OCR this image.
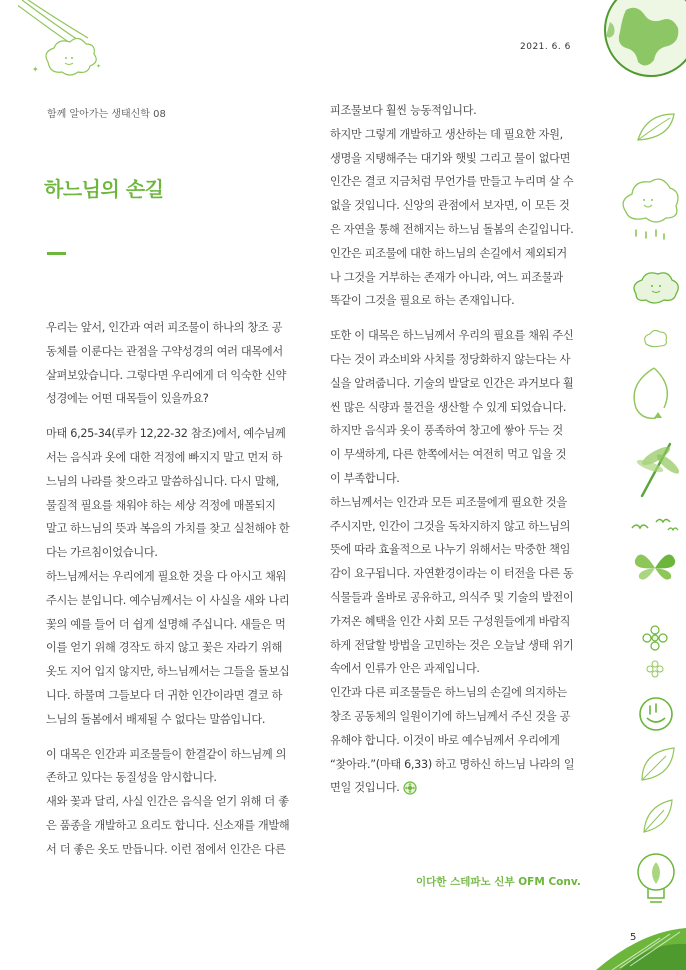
✦	✦
2021. 6. 6
함께 알아가는 생태신학 08
하느님의 손길
우리는 앞서, 인간과 여러 피조물이 하나의 창조 공
동체를 이룬다는 관점을 구약성경의 여러 대목에서
살펴보았습니다. 그렇다면 우리에게 더 익숙한 신약
성경에는 어떤 대목들이 있을까요?
마태 6,25-34(루카 12,22-32 참조)에서, 예수님께
서는 음식과 옷에 대한 걱정에 빠지지 말고 먼저 하
느님의 나라를 찾으라고 말씀하십니다. 다시 말해,
물질적 필요를 채워야 하는 세상 걱정에 매몰되지
말고 하느님의 뜻과 복음의 가치를 찾고 실천해야 한
다는 가르침이었습니다.
하느님께서는 우리에게 필요한 것을 다 아시고 채워
주시는 분입니다. 예수님께서는 이 사실을 새와 나리
꽃의 예를 들어 더 쉽게 설명해 주십니다. 새들은 먹
이를 얻기 위해 경작도 하지 않고 꽃은 자라기 위해
옷도 지어 입지 않지만, 하느님께서는 그들을 돌보십
니다. 하물며 그들보다 더 귀한 인간이라면 결코 하
느님의 돌봄에서 배제될 수 없다는 말씀입니다.
이 대목은 인간과 피조물들이 한결같이 하느님께 의
존하고 있다는 동질성을 암시합니다.
새와 꽃과 달리, 사실 인간은 음식을 얻기 위해 더 좋
은 품종을 개발하고 요리도 합니다. 신소재를 개발해
서 더 좋은 옷도 만듭니다. 이런 점에서 인간은 다른
피조물보다 훨씬 능동적입니다.
하지만 그렇게 개발하고 생산하는 데 필요한 자원,
생명을 지탱해주는 대기와 햇빛 그리고 물이 없다면
인간은 결코 지금처럼 무언가를 만들고 누리며 살 수
없을 것입니다. 신앙의 관점에서 보자면, 이 모든 것
은 자연을 통해 전해지는 하느님 돌봄의 손길입니다.
인간은 피조물에 대한 하느님의 손길에서 제외되거
나 그것을 거부하는 존재가 아니라, 여느 피조물과
똑같이 그것을 필요로 하는 존재입니다.
또한 이 대목은 하느님께서 우리의 필요를 채워 주신
다는 것이 과소비와 사치를 정당화하지 않는다는 사
실을 알려줍니다. 기술의 발달로 인간은 과거보다 훨
씬 많은 식량과 물건을 생산할 수 있게 되었습니다.
하지만 음식과 옷이 풍족하여 창고에 쌓아 두는 것
이 무색하게, 다른 한쪽에서는 여전히 먹고 입을 것
이 부족합니다.
하느님께서는 인간과 모든 피조물에게 필요한 것을
주시지만, 인간이 그것을 독차지하지 않고 하느님의
뜻에 따라 효율적으로 나누기 위해서는 막중한 책임
감이 요구됩니다. 자연환경이라는 이 터전을 다른 동
식물들과 올바로 공유하고, 의식주 및 기술의 발전이
가져온 혜택을 인간 사회 모든 구성원들에게 바람직
하게 전달할 방법을 고민하는 것은 오늘날 생태 위기
속에서 인류가 안은 과제입니다.
인간과 다른 피조물들은 하느님의 손길에 의지하는
창조 공동체의 일원이기에 하느님께서 주신 것을 공
유해야 합니다. 이것이 바로 예수님께서 우리에게
“찾아라.”(마태 6,33) 하고 명하신 하느님 나라의 일
면일 것입니다.
이다한 스테파노 신부 OFM Conv.
5
